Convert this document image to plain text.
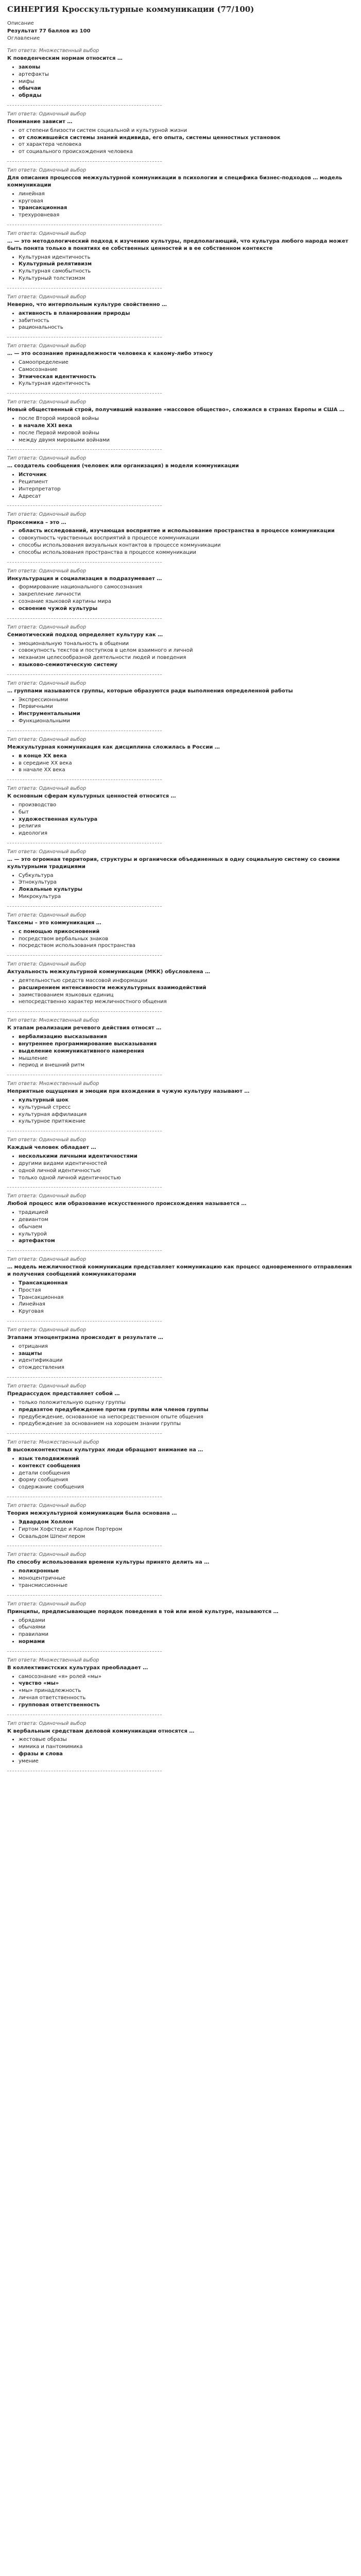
СИНЕРГИЯ Кросскультурные коммуникации (77/100)
Описание
Результат 77 баллов из 100
Оглавление
Тип ответа: Множественный выбор
К поведенческим нормам относится …
• законы
• артефакты
• мифы
• обычаи
• обряды
Тип ответа: Одиночный выбор
Понимание зависит …
• от степени близости систем социальной и культурной жизни
• от сложившейся системы знаний индивида, его опыта, системы ценностных установок
• от характера человека
• от социального происхождения человека
Тип ответа: Одиночный выбор
Для описания процессов межкультурной коммуникации в психологии и специфика бизнес-подходов … модель коммуникации
• линейная
• круговая
• трансакционная
• трехуровневая
Тип ответа: Одиночный выбор
… — это методологический подход к изучению культуры, предполагающий, что культура любого народа может быть понята только в понятиях ее собственных ценностей и в ее собственном контексте
• Культурная идентичность
• Культурный релятивизм
• Культурная самобытность
• Культурный толстизмзм
Тип ответа: Одиночный выбор
Неверно, что интерпольным культуре свойственно …
• активность в планировании природы
• забитность
• рациональность
Тип ответа: Одиночный выбор
… — это осознание принадлежности человека к какому-либо этносу
• Самоопределение
• Самосознание
• Этническая идентичность
• Культурная идентичность
Тип ответа: Одиночный выбор
Новый общественный строй, получивший название «массовое общество», сложился в странах Европы и США …
• после Второй мировой войны
• в начале XXI века
• после Первой мировой войны
• между двумя мировыми войнами
Тип ответа: Одиночный выбор
… создатель сообщения (человек или организация) в модели коммуникации
• Источник
• Реципиент
• Интерпретатор
• Адресат
Тип ответа: Одиночный выбор
Проксемика – это …
• область исследований, изучающая восприятие и использование пространства в процессе коммуникации
• совокупность чувственных восприятий в процессе коммуникации
• способы использования визуальных контактов в процессе коммуникации
• способы использования пространства в процессе коммуникации
Тип ответа: Одиночный выбор
Инкультурация и социализация в подразумевает …
• формирование национального самосознания
• закрепление личности
• сознание языковой картины мира
• освоение чужой культуры
Тип ответа: Одиночный выбор
Семиотический подход определяет культуру как …
• эмоциональную тональность в общении
• совокупность текстов и поступков в целом взаимного и личной
• механизм целесообразной деятельности людей и поведения
• языково-семиотическую систему
Тип ответа: Одиночный выбор
… группами называются группы, которые образуются ради выполнения определенной работы
• Экспрессионными
• Первичными
• Инструментальными
• Функциональными
Тип ответа: Одиночный выбор
Межкультурная коммуникация как дисциплина сложилась в России …
• в конце XX века
• в середине XX века
• в начале XX века
Тип ответа: Одиночный выбор
К основным сферам культурных ценностей относится …
• производство
• быт
• художественная культура
• религия
• идеология
Тип ответа: Одиночный выбор
… — это огромная территория, структуры и органически объединенных в одну социальную систему со своими культурными традициями
• Субкультура
• Этнокультура
• Локальные культуры
• Микрокультура
Тип ответа: Одиночный выбор
Таксемы – это коммуникация …
• с помощью прикосновений
• посредством вербальных знаков
• посредством использования пространства
Тип ответа: Одиночный выбор
Актуальность межкультурной коммуникации (МКК) обусловлена …
• деятельностью средств массовой информации
• расширением интенсивности межкультурных взаимодействий
• заимствованием языковых единиц
• непосредственно характер межличностного общения
Тип ответа: Множественный выбор
К этапам реализации речевого действия относят …
• вербализацию высказывания
• внутреннее программирование высказывания
• выделение коммуникативного намерения
• мышление
• период и внешний ритм
Тип ответа: Множественный выбор
Неприятные ощущения и эмоции при вхождении в чужую культуру называют …
• культурный шок
• культурный стресс
• культурная аффилиация
• культурное притяжение
Тип ответа: Одиночный выбор
Каждый человек обладает …
• несколькими личными идентичностями
• другими видами идентичностей
• одной личной идентичностью
• только одной личной идентичностью
Тип ответа: Одиночный выбор
Любой процесс или образование искусственного происхождения называется …
• традицией
• девиантом
• обычаем
• культурой
• артефактом
Тип ответа: Одиночный выбор
… модель межличностной коммуникации представляет коммуникацию как процесс одновременного отправления и получения сообщений коммуникаторами
• Трансакционная
• Простая
• Трансакционная
• Линейная
• Круговая
Тип ответа: Одиночный выбор
Этапами этноцентризма происходит в результате …
• отрицания
• защиты
• идентификации
• отождествления
Тип ответа: Одиночный выбор
Предрассудок представляет собой …
• только положительную оценку группы
• предвзятое предубеждение против группы или членов группы
• предубеждение, основанное на непосредственном опыте общения
• предубеждение за основанием на хорошем знании группы
Тип ответа: Множественный выбор
В высококонтекстных культурах люди обращают внимание на …
• язык телодвижений
• контекст сообщения
• детали сообщения
• форму сообщения
• содержание сообщения
Тип ответа: Одиночный выбор
Теория межкультурной коммуникации была основана …
• Эдвардом Холлом
• Гиртом Хофстеде и Карлом Портером
• Освальдом Шпенглером
Тип ответа: Одиночный выбор
По способу использования времени культуры принято делить на …
• полихронные
• моноцентричные
• трансмиссионные
Тип ответа: Одиночный выбор
Принципы, предписывающие порядок поведения в той или иной культуре, называются …
• обрядами
• обычаями
• правилами
• нормами
Тип ответа: Множественный выбор
В коллективистских культурах преобладает …
• самосознание «я» ролей «мы»
• чувство «мы»
• «мы» принадлежность
• личная ответственность
• групповая ответственность
Тип ответа: Одиночный выбор
К вербальным средствам деловой коммуникации относятся …
• жестовые образы
• мимика и пантомимика
• фразы и слова
• умение
